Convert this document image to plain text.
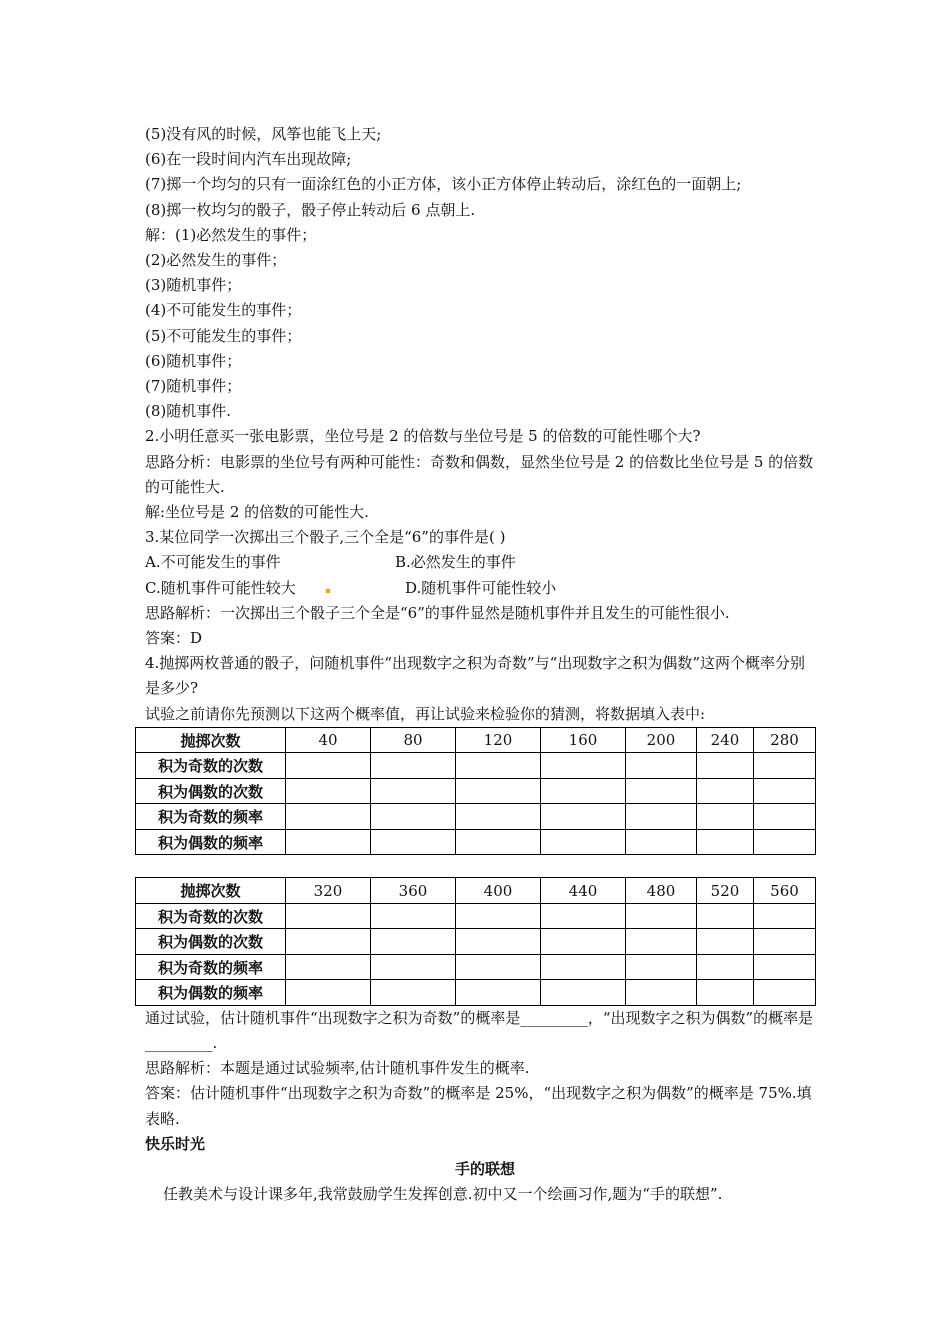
(5)没有风的时候，风筝也能飞上天;
(6)在一段时间内汽车出现故障;
(7)掷一个均匀的只有一面涂红色的小正方体，该小正方体停止转动后，涂红色的一面朝上;
(8)掷一枚均匀的骰子，骰子停止转动后 6 点朝上.
解：(1)必然发生的事件；
(2)必然发生的事件；
(3)随机事件；
(4)不可能发生的事件；
(5)不可能发生的事件；
(6)随机事件；
(7)随机事件；
(8)随机事件.
2.小明任意买一张电影票，坐位号是 2 的倍数与坐位号是 5 的倍数的可能性哪个大?
思路分析：电影票的坐位号有两种可能性：奇数和偶数，显然坐位号是 2 的倍数比坐位号是 5 的倍数的可能性大.
解:坐位号是 2 的倍数的可能性大.
3.某位同学一次掷出三个骰子,三个全是“6”的事件是( )
A.不可能发生的事件	B.必然发生的事件
C.随机事件可能性较大	D.随机事件可能性较小
思路解析：一次掷出三个骰子三个全是“6”的事件显然是随机事件并且发生的可能性很小.
答案：D
4.抛掷两枚普通的骰子，问随机事件“出现数字之积为奇数”与“出现数字之积为偶数”这两个概率分别是多少?
试验之前请你先预测以下这两个概率值，再让试验来检验你的猜测，将数据填入表中:
抛掷次数	40	80	120	160	200	240	280
积为奇数的次数							
积为偶数的次数							
积为奇数的频率							
积为偶数的频率							
抛掷次数	320	360	400	440	480	520	560
积为奇数的次数							
积为偶数的次数							
积为奇数的频率							
积为偶数的频率							
通过试验，估计随机事件“出现数字之积为奇数”的概率是_________，“出现数字之积为偶数”的概率是_________.
思路解析：本题是通过试验频率,估计随机事件发生的概率.
答案：估计随机事件“出现数字之积为奇数”的概率是 25%，“出现数字之积为偶数”的概率是 75%.填表略.
快乐时光
手的联想
任教美术与设计课多年,我常鼓励学生发挥创意.初中又一个绘画习作,题为“手的联想”.
